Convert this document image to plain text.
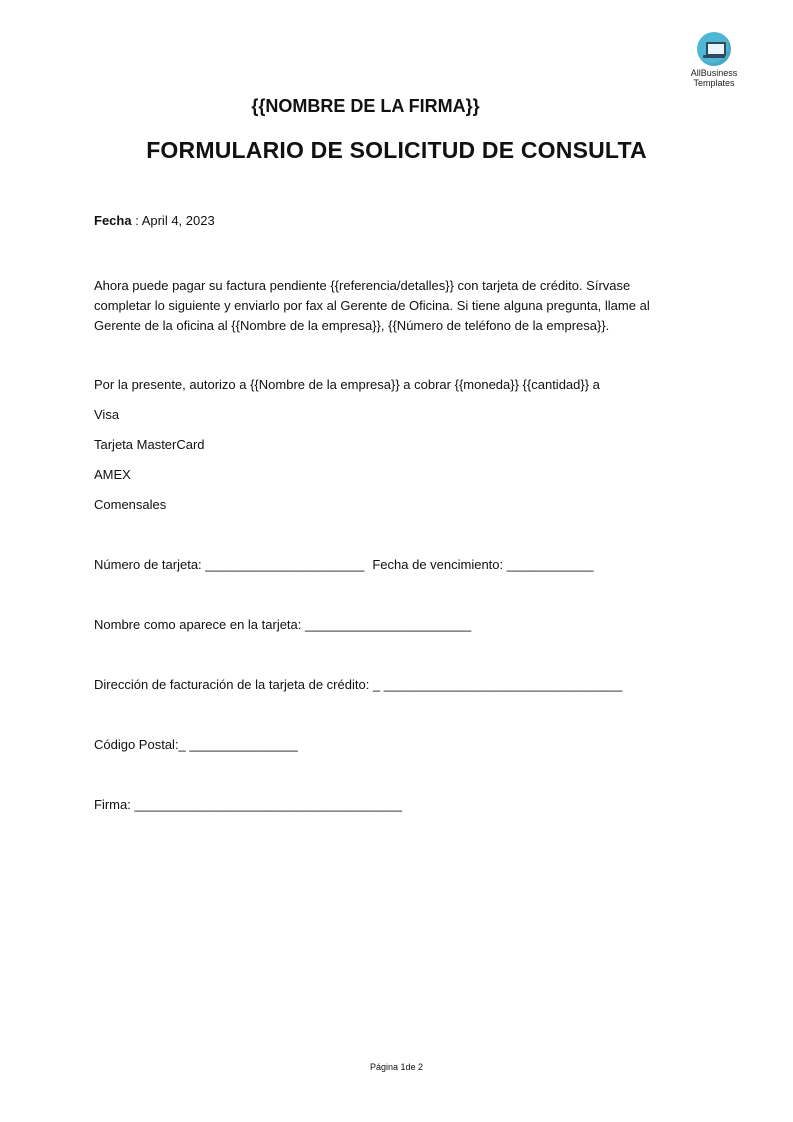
AllBusiness
Templates
{{NOMBRE DE LA FIRMA}}
FORMULARIO DE SOLICITUD DE CONSULTA
Fecha : April 4, 2023
Ahora puede pagar su factura pendiente {{referencia/detalles}} con tarjeta de crédito. Sírvase completar lo siguiente y enviarlo por fax al Gerente de Oficina. Si tiene alguna pregunta, llame al Gerente de la oficina al {{Nombre de la empresa}}, {{Número de teléfono de la empresa}}.
Por la presente, autorizo a {{Nombre de la empresa}} a cobrar {{moneda}} {{cantidad}} a
Visa
Tarjeta MasterCard
AMEX
Comensales
Número de tarjeta: ______________________ Fecha de vencimiento: ____________
Nombre como aparece en la tarjeta: _______________________
Dirección de facturación de la tarjeta de crédito: _ _________________________________
Código Postal:_ _______________
Firma: _____________________________________
Página 1de 2
